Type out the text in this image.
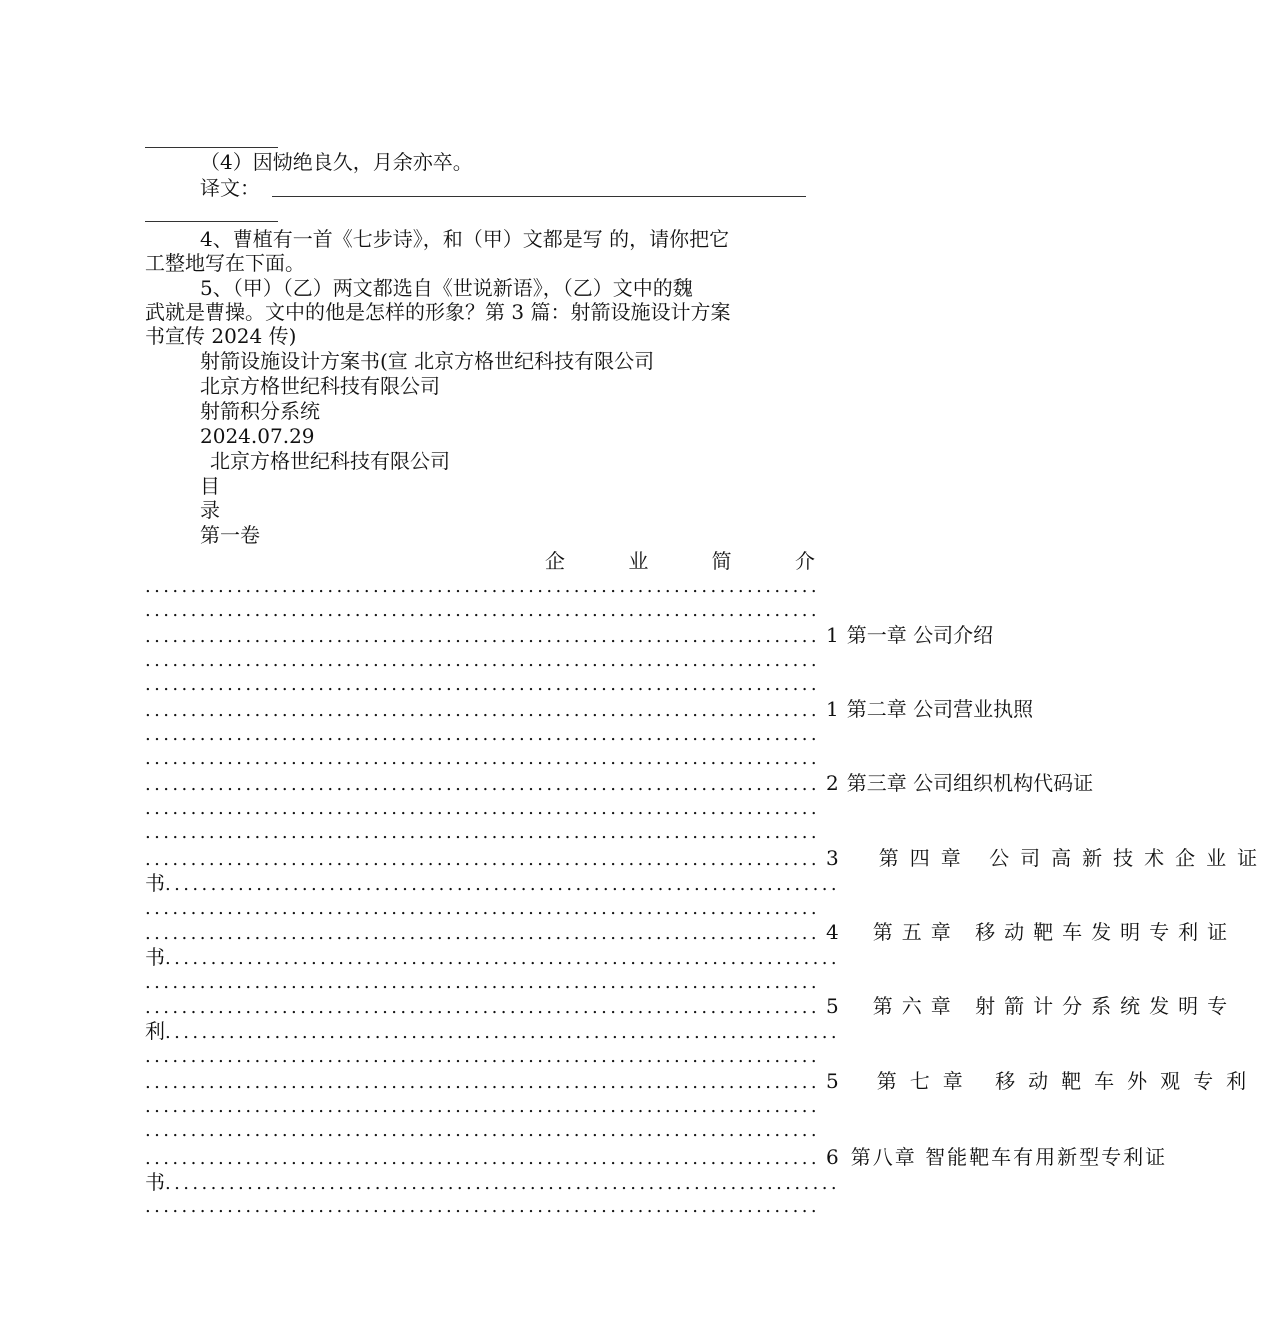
（4）因恸绝良久，月余亦卒。
译文：
4、曹植有一首《七步诗》，和（甲）文都是写 的，请你把它
工整地写在下面。
5、（甲）（乙）两文都选自《世说新语》，（乙）文中的魏
武就是曹操。文中的他是怎样的形象？第 3 篇：射箭设施设计方案
书宣传 2024 传)
射箭设施设计方案书(宣 北京方格世纪科技有限公司
北京方格世纪科技有限公司
射箭积分系统
2024.07.29
北京方格世纪科技有限公司
目
录
第一卷
企	业	简	介
..........................................................................
..........................................................................
.......................................................................... 1 第一章 公司介绍
..........................................................................
..........................................................................
.......................................................................... 1 第二章 公司营业执照
..........................................................................
..........................................................................
.......................................................................... 2 第三章 公司组织机构代码证
..........................................................................
..........................................................................
.......................................................................... 3	第四章 公司高新技术企业证
书 ..........................................................................
..........................................................................
.......................................................................... 4	第五章 移动靶车发明专利证
书 ..........................................................................
..........................................................................
.......................................................................... 5	第六章 射箭计分系统发明专
利 ..........................................................................
..........................................................................
.......................................................................... 5	第七章 移动靶车外观专利
..........................................................................
..........................................................................
.......................................................................... 6 第八章 智能靶车有用新型专利证
书 ..........................................................................
..........................................................................
